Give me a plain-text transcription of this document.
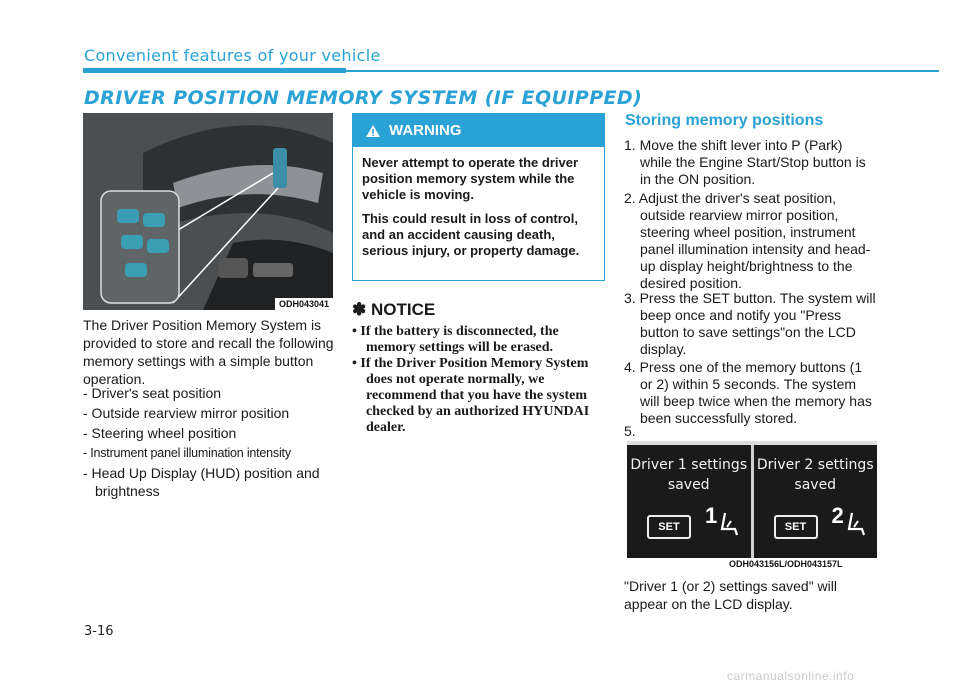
Convenient features of your vehicle
DRIVER POSITION MEMORY SYSTEM (IF EQUIPPED)
ODH043041
The Driver Position Memory System is provided to store and recall the following memory settings with a simple button operation.
- Driver's seat position
- Outside rearview mirror position
- Steering wheel position
- Instrument panel illumination intensity
- Head Up Display (HUD) position and brightness
WARNING

Never attempt to operate the driver position memory system while the vehicle is moving.

This could result in loss of control, and an accident causing death, serious injury, or property damage.

✽ NOTICE
• If the battery is disconnected, the memory settings will be erased.
• If the Driver Position Memory System does not operate normally, we recommend that you have the system checked by an authorized HYUNDAI dealer.
Storing memory positions
1. Move the shift lever into P (Park) while the Engine Start/Stop button is in the ON position.
2. Adjust the driver's seat position, outside rearview mirror position, steering wheel position, instrument panel illumination intensity and head-up display height/brightness to the desired position.
3. Press the SET button. The system will beep once and notify you "Press button to save settings"on the LCD display.
4. Press one of the memory buttons (1 or 2) within 5 seconds. The system will beep twice when the memory has been successfully stored.
5.
Driver 1 settings
saved
SET	1
Driver 2 settings
saved
SET	2
ODH043156L/ODH043157L
"Driver 1 (or 2) settings saved" will appear on the LCD display.
3-16
carmanualsonline.info
